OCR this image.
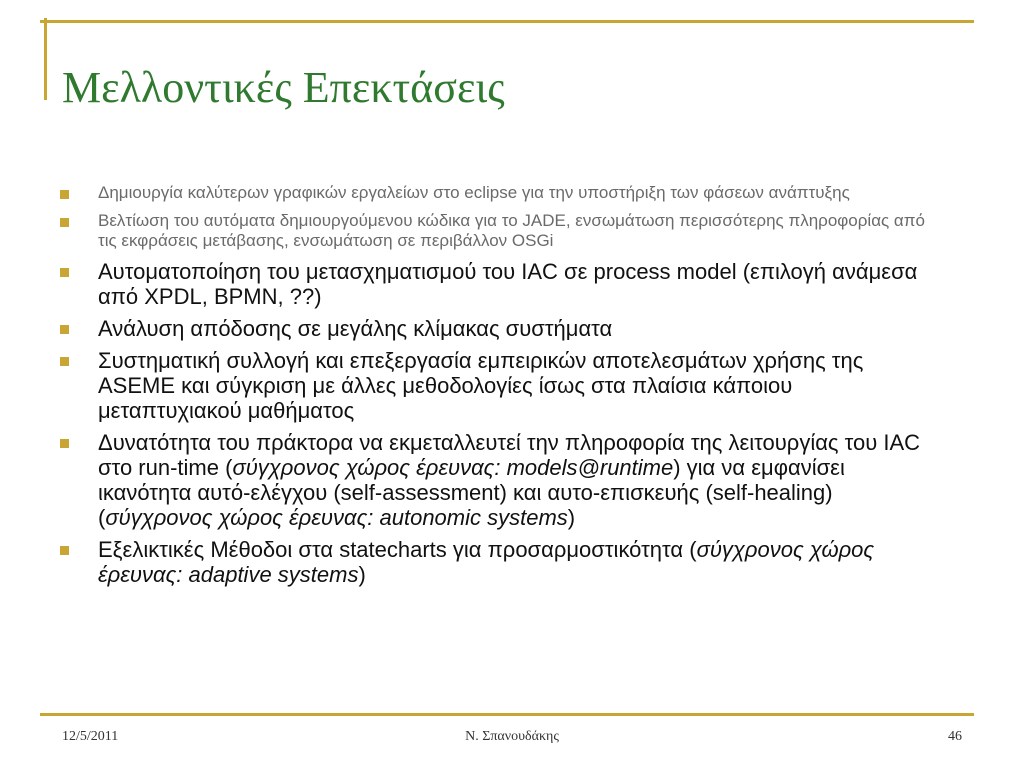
Μελλοντικές Επεκτάσεις
Δημιουργία καλύτερων γραφικών εργαλείων στο eclipse για την υποστήριξη των φάσεων ανάπτυξης
Βελτίωση του αυτόματα δημιουργούμενου κώδικα για το JADE, ενσωμάτωση περισσότερης πληροφορίας από τις εκφράσεις μετάβασης, ενσωμάτωση σε περιβάλλον OSGi
Αυτοματοποίηση του μετασχηματισμού του IAC σε process model (επιλογή ανάμεσα από XPDL, BPMN, ??)
Ανάλυση απόδοσης σε μεγάλης κλίμακας συστήματα
Συστηματική συλλογή και επεξεργασία εμπειρικών αποτελεσμάτων χρήσης της ASEME και σύγκριση με άλλες μεθοδολογίες ίσως στα πλαίσια κάποιου μεταπτυχιακού μαθήματος
Δυνατότητα του πράκτορα να εκμεταλλευτεί την πληροφορία της λειτουργίας του IAC στο run-time (σύγχρονος χώρος έρευνας: models@runtime) για να εμφανίσει ικανότητα αυτό-ελέγχου (self-assessment) και αυτο-επισκευής (self-healing) (σύγχρονος χώρος έρευνας: autonomic systems)
Εξελικτικές Μέθοδοι στα statecharts για προσαρμοστικότητα (σύγχρονος χώρος έρευνας: adaptive systems)
12/5/2011	Ν. Σπανουδάκης	46
